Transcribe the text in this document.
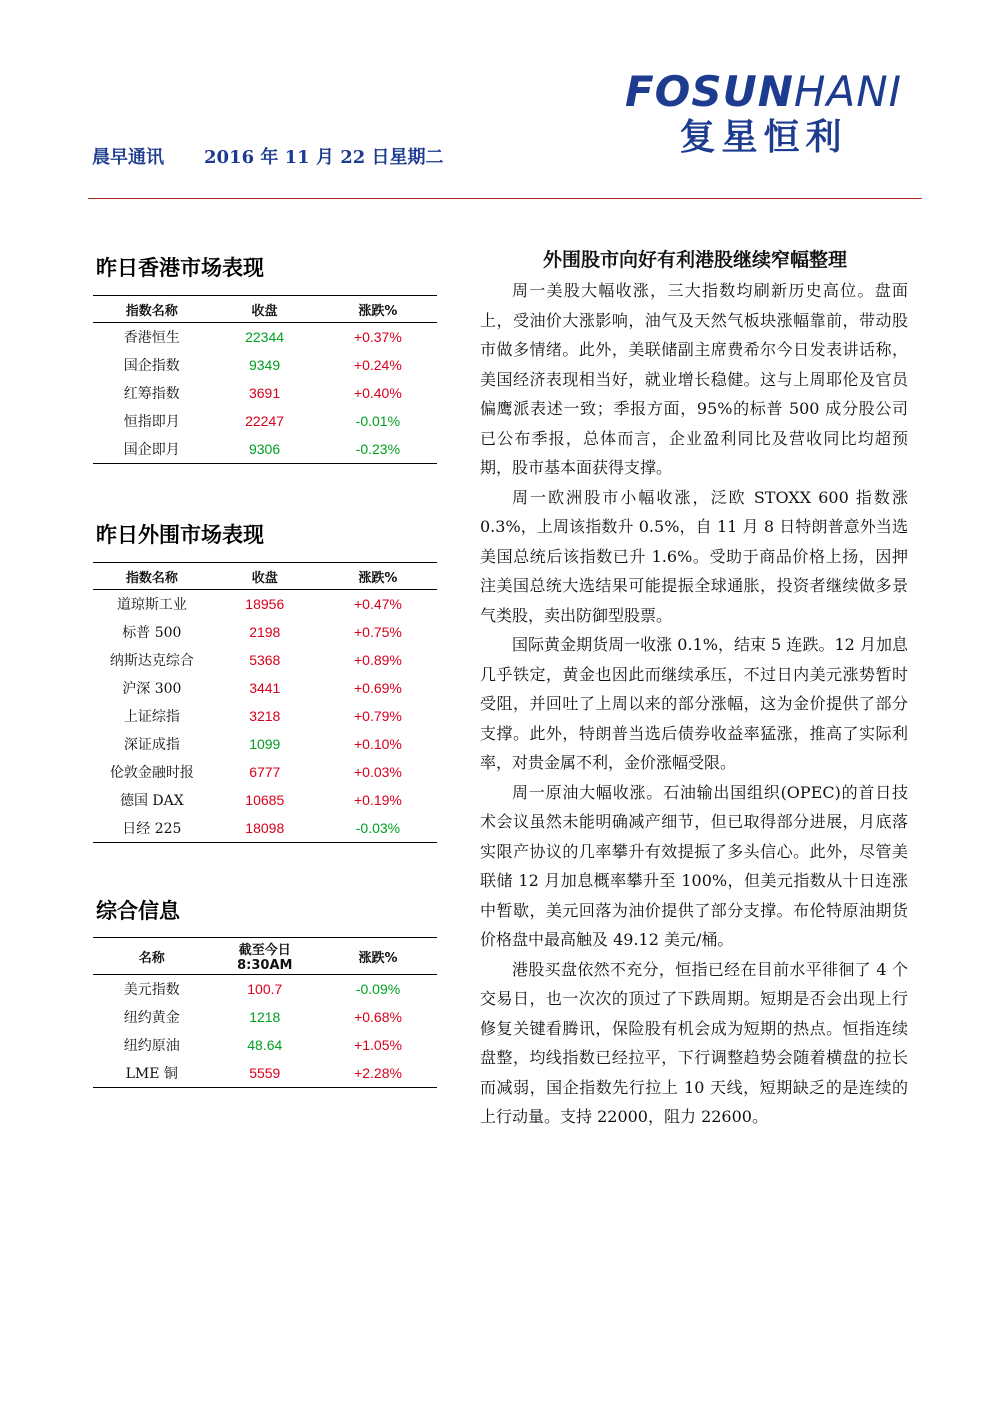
FOSUNHANI
复星恒利
晨早通讯 2016 年 11 月 22 日星期二
昨日香港市场表现
指数名称	收盘	涨跌%
香港恒生	22344	+0.37%
国企指数	9349	+0.24%
红筹指数	3691	+0.40%
恒指即月	22247	-0.01%
国企即月	9306	-0.23%
昨日外围市场表现
指数名称	收盘	涨跌%
道琼斯工业	18956	+0.47%
标普 500	2198	+0.75%
纳斯达克综合	5368	+0.89%
沪深 300	3441	+0.69%
上证综指	3218	+0.79%
深证成指	1099	+0.10%
伦敦金融时报	6777	+0.03%
德国 DAX	10685	+0.19%
日经 225	18098	-0.03%
综合信息
名称	截至今日 8:30AM	涨跌%
美元指数	100.7	-0.09%
纽约黄金	1218	+0.68%
纽约原油	48.64	+1.05%
LME 铜	5559	+2.28%
外围股市向好有利港股继续窄幅整理

周一美股大幅收涨，三大指数均刷新历史高位。盘面上，受油价大涨影响，油气及天然气板块涨幅靠前，带动股市做多情绪。此外，美联储副主席费希尔今日发表讲话称，美国经济表现相当好，就业增长稳健。这与上周耶伦及官员偏鹰派表述一致；季报方面，95%的标普 500 成分股公司已公布季报，总体而言，企业盈利同比及营收同比均超预期，股市基本面获得支撑。

周一欧洲股市小幅收涨，泛欧 STOXX 600 指数涨 0.3%，上周该指数升 0.5%，自 11 月 8 日特朗普意外当选美国总统后该指数已升 1.6%。受助于商品价格上扬，因押注美国总统大选结果可能提振全球通胀，投资者继续做多景气类股，卖出防御型股票。

国际黄金期货周一收涨 0.1%，结束 5 连跌。12 月加息几乎铁定，黄金也因此而继续承压，不过日内美元涨势暂时受阻，并回吐了上周以来的部分涨幅，这为金价提供了部分支撑。此外，特朗普当选后债券收益率猛涨，推高了实际利率，对贵金属不利，金价涨幅受限。

周一原油大幅收涨。石油输出国组织(OPEC)的首日技术会议虽然未能明确减产细节，但已取得部分进展，月底落实限产协议的几率攀升有效提振了多头信心。此外，尽管美联储 12 月加息概率攀升至 100%，但美元指数从十日连涨中暂歇，美元回落为油价提供了部分支撑。布伦特原油期货价格盘中最高触及 49.12 美元/桶。

港股买盘依然不充分，恒指已经在目前水平徘徊了 4 个交易日，也一次次的顶过了下跌周期。短期是否会出现上行修复关键看腾讯，保险股有机会成为短期的热点。恒指连续盘整，均线指数已经拉平，下行调整趋势会随着横盘的拉长而减弱，国企指数先行拉上 10 天线，短期缺乏的是连续的上行动量。支持 22000，阻力 22600。
